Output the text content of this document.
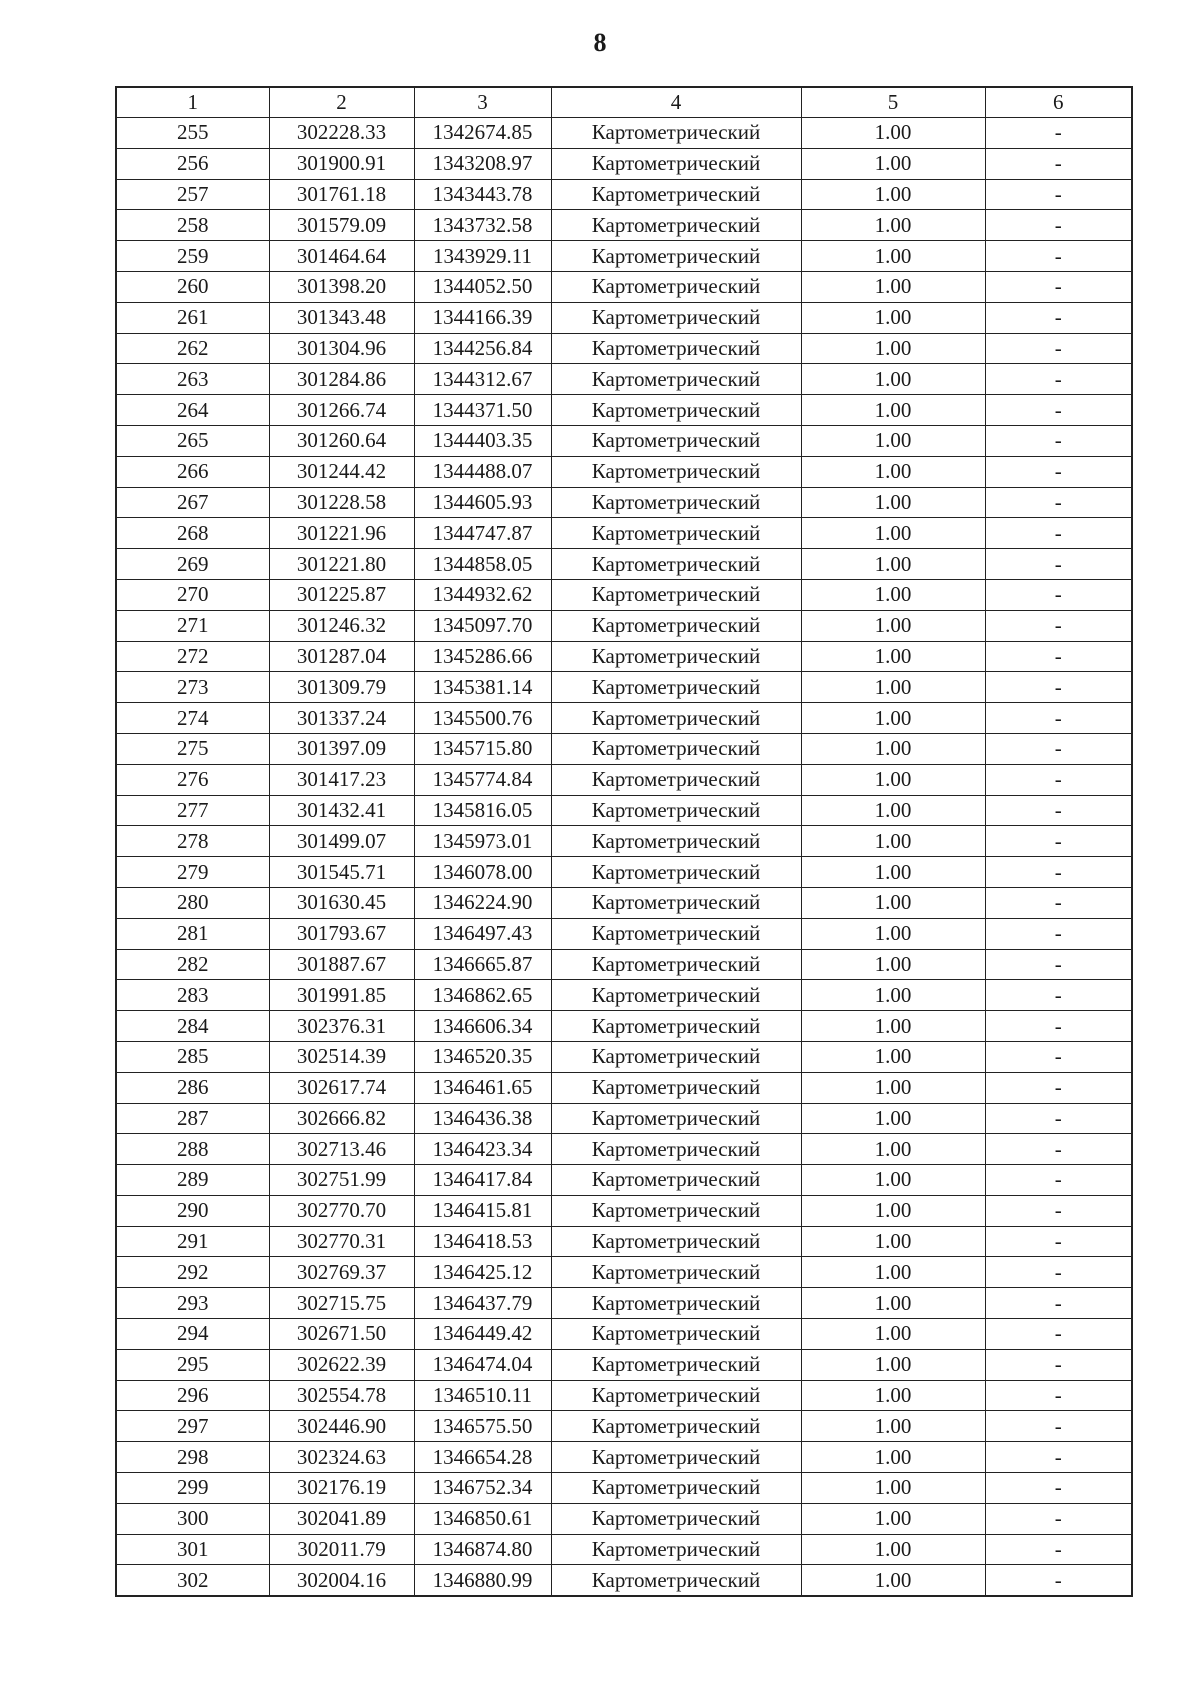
8
1	2	3	4	5	6
255	302228.33	1342674.85	Картометрический	1.00	-
256	301900.91	1343208.97	Картометрический	1.00	-
257	301761.18	1343443.78	Картометрический	1.00	-
258	301579.09	1343732.58	Картометрический	1.00	-
259	301464.64	1343929.11	Картометрический	1.00	-
260	301398.20	1344052.50	Картометрический	1.00	-
261	301343.48	1344166.39	Картометрический	1.00	-
262	301304.96	1344256.84	Картометрический	1.00	-
263	301284.86	1344312.67	Картометрический	1.00	-
264	301266.74	1344371.50	Картометрический	1.00	-
265	301260.64	1344403.35	Картометрический	1.00	-
266	301244.42	1344488.07	Картометрический	1.00	-
267	301228.58	1344605.93	Картометрический	1.00	-
268	301221.96	1344747.87	Картометрический	1.00	-
269	301221.80	1344858.05	Картометрический	1.00	-
270	301225.87	1344932.62	Картометрический	1.00	-
271	301246.32	1345097.70	Картометрический	1.00	-
272	301287.04	1345286.66	Картометрический	1.00	-
273	301309.79	1345381.14	Картометрический	1.00	-
274	301337.24	1345500.76	Картометрический	1.00	-
275	301397.09	1345715.80	Картометрический	1.00	-
276	301417.23	1345774.84	Картометрический	1.00	-
277	301432.41	1345816.05	Картометрический	1.00	-
278	301499.07	1345973.01	Картометрический	1.00	-
279	301545.71	1346078.00	Картометрический	1.00	-
280	301630.45	1346224.90	Картометрический	1.00	-
281	301793.67	1346497.43	Картометрический	1.00	-
282	301887.67	1346665.87	Картометрический	1.00	-
283	301991.85	1346862.65	Картометрический	1.00	-
284	302376.31	1346606.34	Картометрический	1.00	-
285	302514.39	1346520.35	Картометрический	1.00	-
286	302617.74	1346461.65	Картометрический	1.00	-
287	302666.82	1346436.38	Картометрический	1.00	-
288	302713.46	1346423.34	Картометрический	1.00	-
289	302751.99	1346417.84	Картометрический	1.00	-
290	302770.70	1346415.81	Картометрический	1.00	-
291	302770.31	1346418.53	Картометрический	1.00	-
292	302769.37	1346425.12	Картометрический	1.00	-
293	302715.75	1346437.79	Картометрический	1.00	-
294	302671.50	1346449.42	Картометрический	1.00	-
295	302622.39	1346474.04	Картометрический	1.00	-
296	302554.78	1346510.11	Картометрический	1.00	-
297	302446.90	1346575.50	Картометрический	1.00	-
298	302324.63	1346654.28	Картометрический	1.00	-
299	302176.19	1346752.34	Картометрический	1.00	-
300	302041.89	1346850.61	Картометрический	1.00	-
301	302011.79	1346874.80	Картометрический	1.00	-
302	302004.16	1346880.99	Картометрический	1.00	-
